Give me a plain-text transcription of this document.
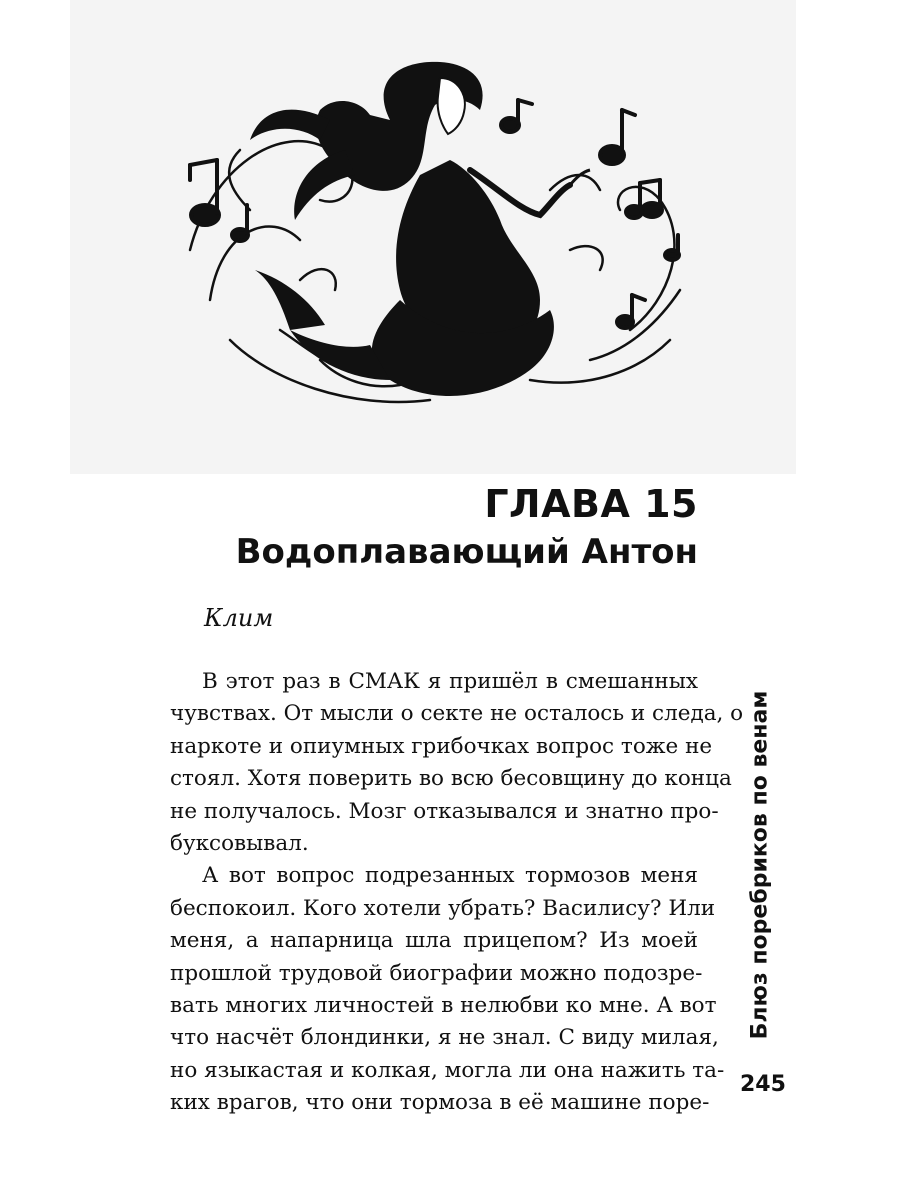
ГЛАВА 15
Водоплавающий Антон
Клим
В этот раз в СМАК я пришёл в смешанных
чувствах. От мысли о секте не осталось и следа, о
наркоте и опиумных грибочках вопрос тоже не
стоял. Хотя поверить во всю бесовщину до конца
не получалось. Мозг отказывался и знатно про-
буксовывал.
А вот вопрос подрезанных тормозов меня
беспокоил. Кого хотели убрать? Василису? Или
меня, а напарница шла прицепом? Из моей
прошлой трудовой биографии можно подозре-
вать многих личностей в нелюбви ко мне. А вот
что насчёт блондинки, я не знал. С виду милая,
но языкастая и колкая, могла ли она нажить та-
ких врагов, что они тормоза в её машине поре-
Блюз поребриков по венам
245
